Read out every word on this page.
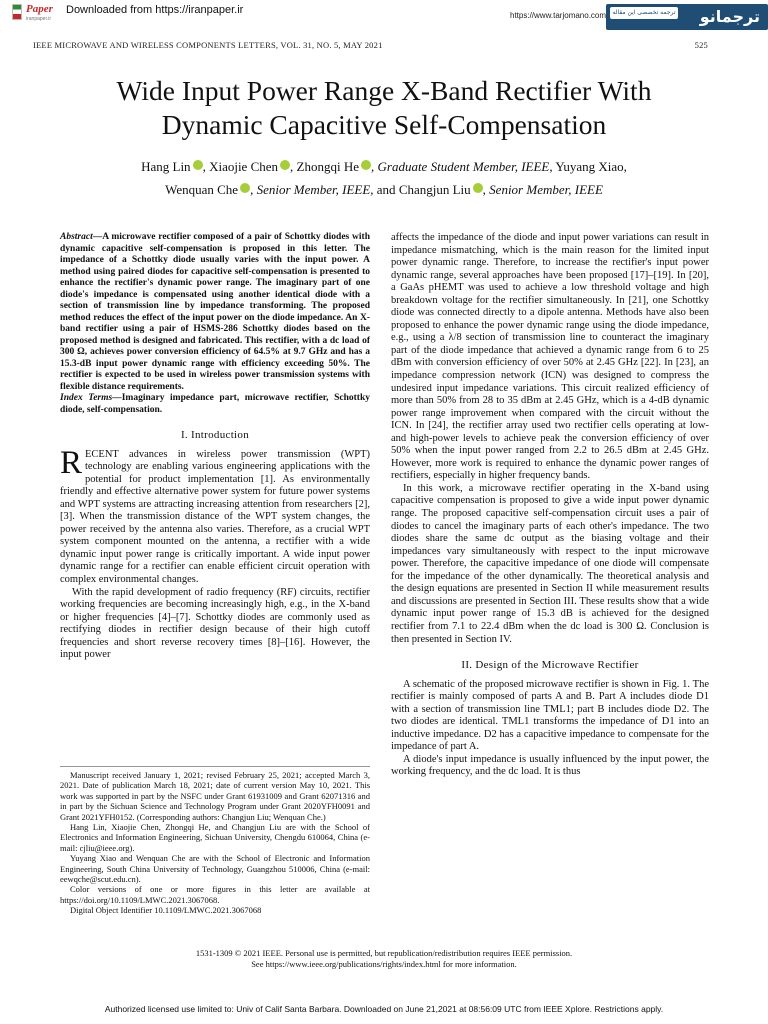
Paper
iranpaper.ir
Downloaded from https://iranpaper.ir	https://www.tarjomano.com	ترجمه تخصصی این مقاله ترجمانو
IEEE MICROWAVE AND WIRELESS COMPONENTS LETTERS, VOL. 31, NO. 5, MAY 2021	525
Wide Input Power Range X-Band Rectifier With
Dynamic Capacitive Self-Compensation
Hang Lin , Xiaojie Chen , Zhongqi He , Graduate Student Member, IEEE, Yuyang Xiao,
Wenquan Che , Senior Member, IEEE, and Changjun Liu , Senior Member, IEEE

Abstract—A microwave rectifier composed of a pair of Schottky diodes with dynamic capacitive self-compensation is proposed in this letter. The impedance of a Schottky diode usually varies with the input power. A method using paired diodes for capacitive self-compensation is presented to enhance the rectifier's dynamic power range. The imaginary part of one diode's impedance is compensated using another identical diode with a section of transmission line by impedance transforming. The proposed method reduces the effect of the input power on the diode impedance. An X-band rectifier using a pair of HSMS-286 Schottky diodes based on the proposed method is designed and fabricated. This rectifier, with a dc load of 300 Ω, achieves power conversion efficiency of 64.5% at 9.7 GHz and has a 15.3-dB input power dynamic range with efficiency exceeding 50%. The rectifier is expected to be used in wireless power transmission systems with flexible distance requirements.

Index Terms—Imaginary impedance part, microwave rectifier, Schottky diode, self-compensation.

I. Introduction

RECENT advances in wireless power transmission (WPT) technology are enabling various engineering applications with the potential for product implementation [1]. As environmentally friendly and effective alternative power system for future power systems and WPT systems are attracting increasing attention from researchers [2], [3]. When the transmission distance of the WPT system changes, the power received by the antenna also varies. Therefore, as a crucial WPT system component mounted on the antenna, a rectifier with a wide dynamic input power range is critically important. A wide input power dynamic range for a rectifier can enable efficient circuit operation with complex environmental changes.

With the rapid development of radio frequency (RF) circuits, rectifier working frequencies are becoming increasingly high, e.g., in the X-band or higher frequencies [4]–[7]. Schottky diodes are commonly used as rectifying diodes in rectifier design because of their high cutoff frequencies and short reverse recovery times [8]–[16]. However, the input power

Manuscript received January 1, 2021; revised February 25, 2021; accepted March 3, 2021. Date of publication March 18, 2021; date of current version May 10, 2021. This work was supported in part by the NSFC under Grant 61931009 and Grant 62071316 and in part by the Sichuan Science and Technology Program under Grant 2020YFH0091 and Grant 2021YFH0152. (Corresponding authors: Changjun Liu; Wenquan Che.)

Hang Lin, Xiaojie Chen, Zhongqi He, and Changjun Liu are with the School of Electronics and Information Engineering, Sichuan University, Chengdu 610064, China (e-mail: cjliu@ieee.org).

Yuyang Xiao and Wenquan Che are with the School of Electronic and Information Engineering, South China University of Technology, Guangzhou 510006, China (e-mail: eewqche@scut.edu.cn).

Color versions of one or more figures in this letter are available at https://doi.org/10.1109/LMWC.2021.3067068.

Digital Object Identifier 10.1109/LMWC.2021.3067068

affects the impedance of the diode and input power variations can result in impedance mismatching, which is the main reason for the limited input power dynamic range. Therefore, to increase the rectifier's input power dynamic range, several approaches have been proposed [17]–[19]. In [20], a GaAs pHEMT was used to achieve a low threshold voltage and high breakdown voltage for the rectifier simultaneously. In [21], one Schottky diode was connected directly to a dipole antenna. Methods have also been proposed to enhance the power dynamic range using the diode impedance, e.g., using a λ/8 section of transmission line to counteract the imaginary part of the diode impedance that achieved a dynamic range from 6 to 25 dBm with conversion efficiency of over 50% at 2.45 GHz [22]. In [23], an impedance compression network (ICN) was designed to compress the undesired input impedance variations. This circuit realized efficiency of more than 50% from 28 to 35 dBm at 2.45 GHz, which is a 4-dB dynamic power range improvement when compared with the circuit without the ICN. In [24], the rectifier array used two rectifier cells operating at low- and high-power levels to achieve peak the conversion efficiency of over 50% when the input power ranged from 2.2 to 26.5 dBm at 2.45 GHz. However, more work is required to enhance the dynamic power ranges of rectifiers, especially in higher frequency bands.

In this work, a microwave rectifier operating in the X-band using capacitive compensation is proposed to give a wide input power dynamic range. The proposed capacitive self-compensation circuit uses a pair of diodes to cancel the imaginary parts of each other's impedance. The two diodes share the same dc output as the biasing voltage and their impedances vary simultaneously with respect to the input microwave power. Therefore, the capacitive impedance of one diode will compensate for the impedance of the other dynamically. The theoretical analysis and the design equations are presented in Section II while measurement results and discussions are presented in Section III. These results show that a wide dynamic input power range of 15.3 dB is achieved for the designed rectifier from 7.1 to 22.4 dBm when the dc load is 300 Ω. Conclusion is then presented in Section IV.

II. Design of the Microwave Rectifier

A schematic of the proposed microwave rectifier is shown in Fig. 1. The rectifier is mainly composed of parts A and B. Part A includes diode D1 with a section of transmission line TML1; part B includes diode D2. The two diodes are identical. TML1 transforms the impedance of D1 into an inductive impedance. D2 has a capacitive impedance to compensate for the impedance of part A.

A diode's input impedance is usually influenced by the input power, the working frequency, and the dc load. It is thus

1531-1309 © 2021 IEEE. Personal use is permitted, but republication/redistribution requires IEEE permission.
See https://www.ieee.org/publications/rights/index.html for more information.
Authorized licensed use limited to: Univ of Calif Santa Barbara. Downloaded on June 21,2021 at 08:56:09 UTC from IEEE Xplore. Restrictions apply.
